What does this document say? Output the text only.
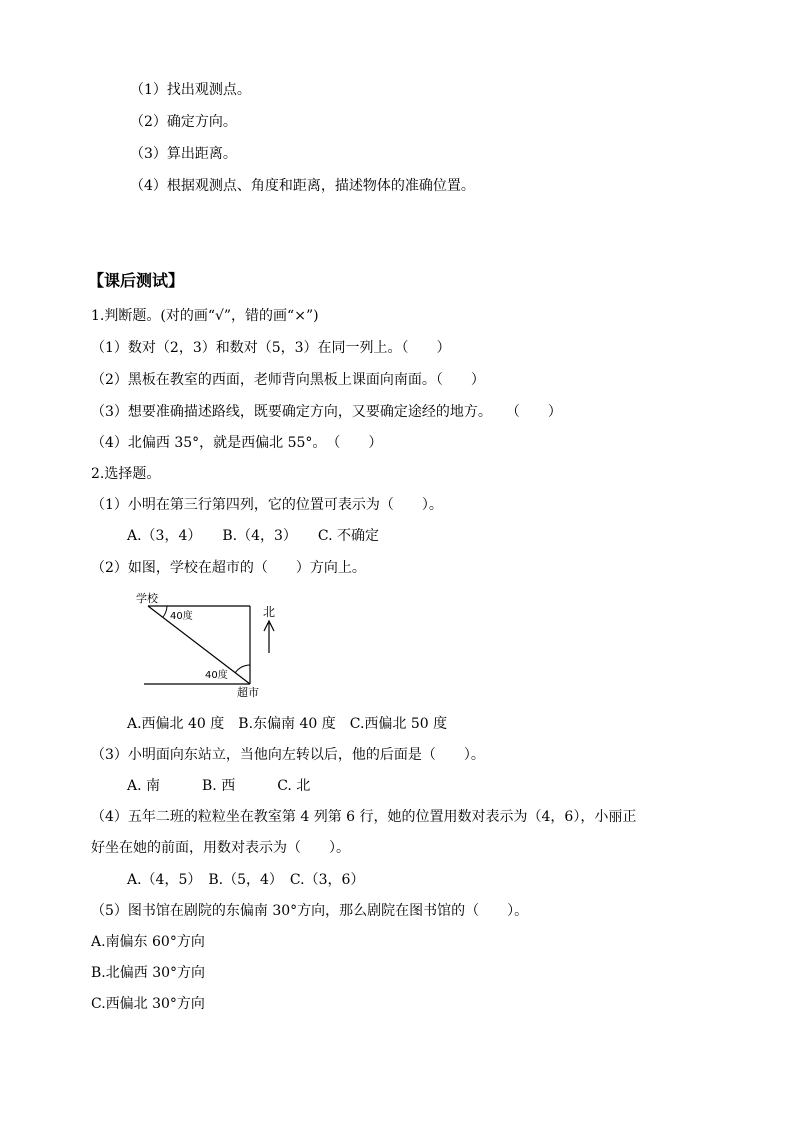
（1）找出观测点。
（2）确定方向。
（3）算出距离。
（4）根据观测点、角度和距离，描述物体的准确位置。
【课后测试】
1.判断题。(对的画“√”，错的画“×”)
（1）数对（2，3）和数对（5，3）在同一列上。（　　）
（2）黑板在教室的西面，老师背向黑板上课面向南面。（　　）
（3）想要准确描述路线，既要确定方向，又要确定途经的地方。　　（　　）
（4）北偏西 35°，就是西偏北 55°。　（　　）
2.选择题。
（1）小明在第三行第四列，它的位置可表示为（　　）。
A.（3，4）　　B.（4，3）　　C. 不确定
（2）如图，学校在超市的（　　）方向上。
学校
40度
40度
超市
北
A.西偏北 40 度　B.东偏南 40 度　C.西偏北 50 度
（3）小明面向东站立，当他向左转以后，他的后面是（　　）。
A. 南　　　B. 西　　　C. 北
（4）五年二班的粒粒坐在教室第 4 列第 6 行，她的位置用数对表示为（4，6），小丽正
好坐在她的前面，用数对表示为（　　）。
A.（4，5）　B.（5，4）　C.（3，6）
（5）图书馆在剧院的东偏南 30°方向，那么剧院在图书馆的（　　）。
A.南偏东 60°方向
B.北偏西 30°方向
C.西偏北 30°方向
